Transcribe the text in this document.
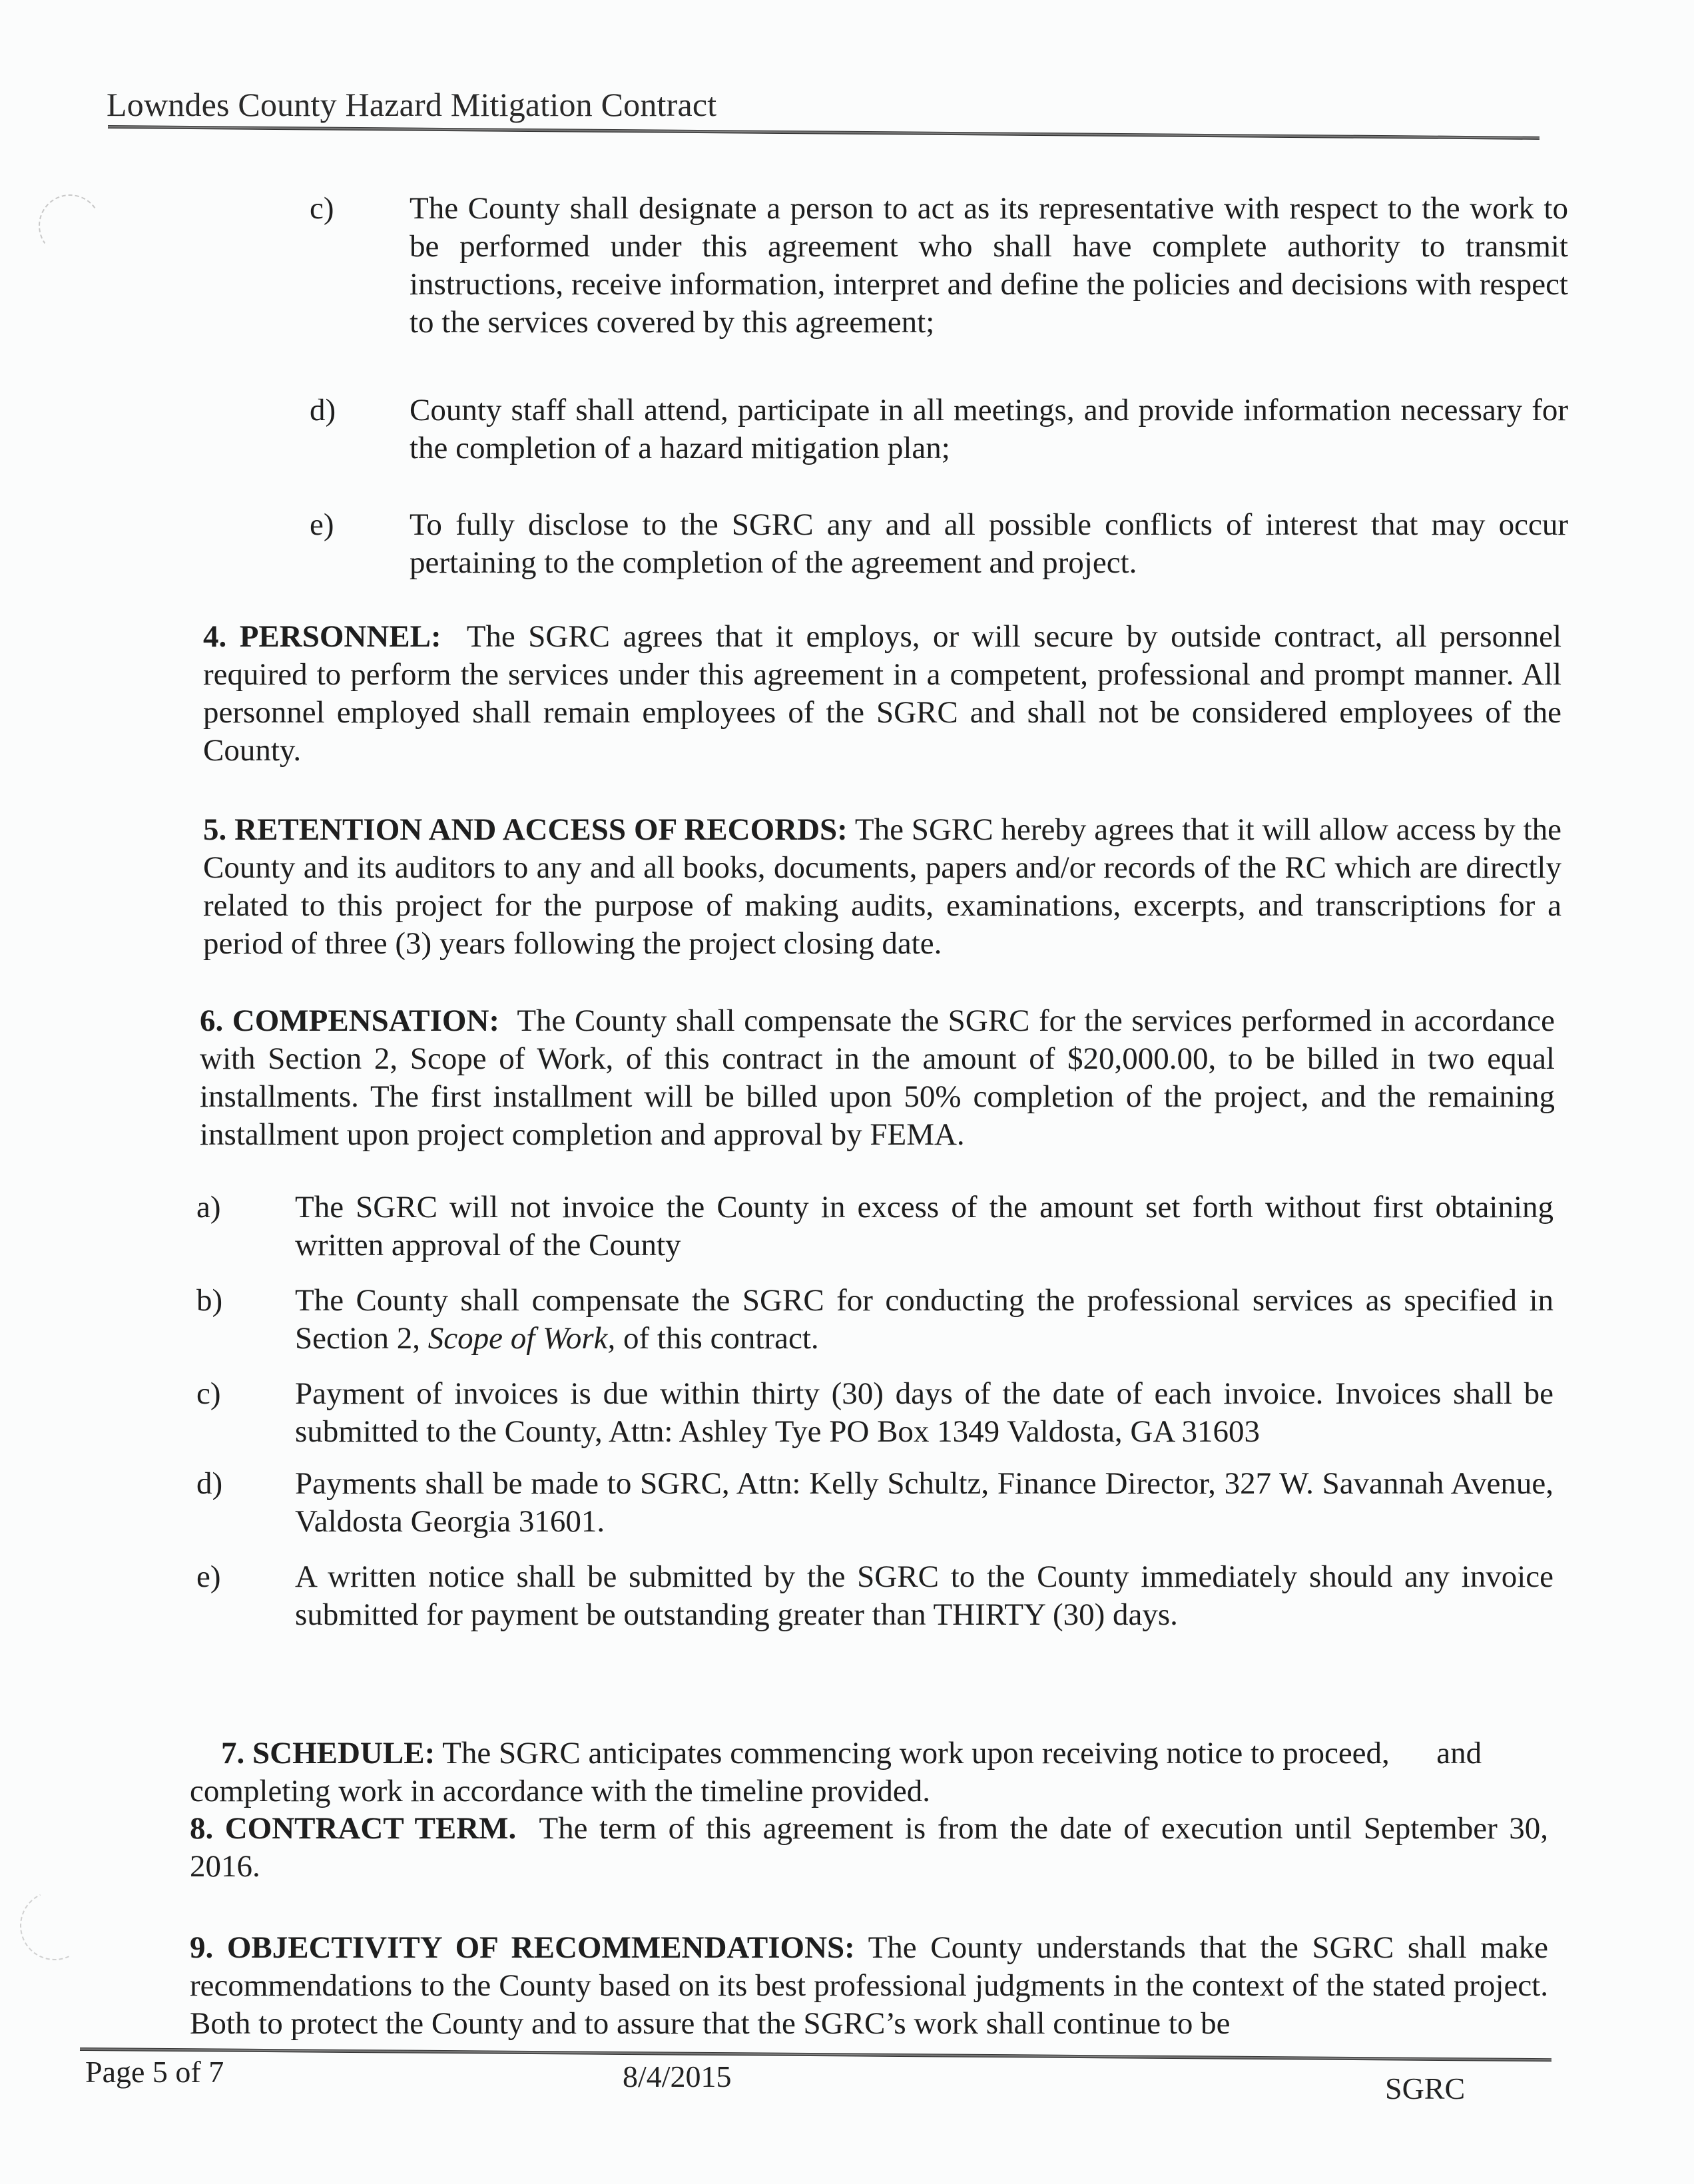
Lowndes County Hazard Mitigation Contract
c) The County shall designate a person to act as its representative with respect to the work to be performed under this agreement who shall have complete authority to transmit instructions, receive information, interpret and define the policies and decisions with respect to the services covered by this agreement;
d) County staff shall attend, participate in all meetings, and provide information necessary for the completion of a hazard mitigation plan;
e) To fully disclose to the SGRC any and all possible conflicts of interest that may occur pertaining to the completion of the agreement and project.
4. PERSONNEL: The SGRC agrees that it employs, or will secure by outside contract, all personnel required to perform the services under this agreement in a competent, professional and prompt manner. All personnel employed shall remain employees of the SGRC and shall not be considered employees of the County.
5. RETENTION AND ACCESS OF RECORDS: The SGRC hereby agrees that it will allow access by the County and its auditors to any and all books, documents, papers and/or records of the RC which are directly related to this project for the purpose of making audits, examinations, excerpts, and transcriptions for a period of three (3) years following the project closing date.
6. COMPENSATION: The County shall compensate the SGRC for the services performed in accordance with Section 2, Scope of Work, of this contract in the amount of $20,000.00, to be billed in two equal installments. The first installment will be billed upon 50% completion of the project, and the remaining installment upon project completion and approval by FEMA.
a) The SGRC will not invoice the County in excess of the amount set forth without first obtaining written approval of the County
b) The County shall compensate the SGRC for conducting the professional services as specified in Section 2, Scope of Work, of this contract.
c) Payment of invoices is due within thirty (30) days of the date of each invoice. Invoices shall be submitted to the County, Attn: Ashley Tye PO Box 1349 Valdosta, GA 31603
d) Payments shall be made to SGRC, Attn: Kelly Schultz, Finance Director, 327 W. Savannah Avenue, Valdosta Georgia 31601.
e) A written notice shall be submitted by the SGRC to the County immediately should any invoice submitted for payment be outstanding greater than THIRTY (30) days.

7. SCHEDULE: The SGRC anticipates commencing work upon receiving notice to proceed,      and completing work in accordance with the timeline provided.

8. CONTRACT TERM. The term of this agreement is from the date of execution until September 30, 2016.
9. OBJECTIVITY OF RECOMMENDATIONS: The County understands that the SGRC shall make recommendations to the County based on its best professional judgments in the context of the stated project. Both to protect the County and to assure that the SGRC’s work shall continue to be
Page 5 of 7	8/4/2015	SGRC
